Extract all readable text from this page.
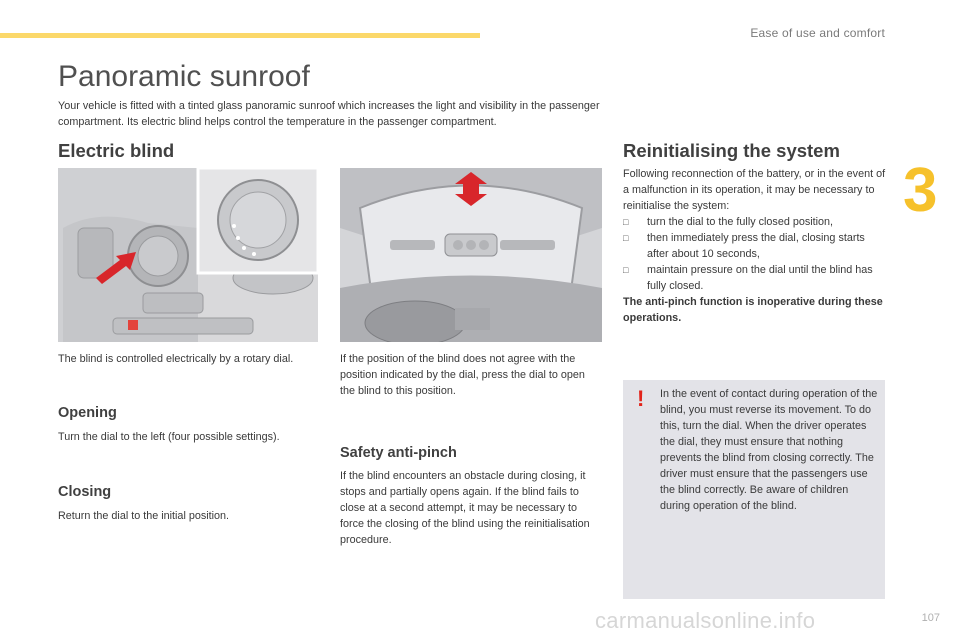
Ease of use and comfort
3
Panoramic sunroof

Your vehicle is fitted with a tinted glass panoramic sunroof which increases the light and visibility in the passenger compartment. Its electric blind helps control the temperature in the passenger compartment.

Electric blind

The blind is controlled electrically by a rotary dial.

Opening

Turn the dial to the left (four possible settings).

Closing

Return the dial to the initial position.

If the position of the blind does not agree with the position indicated by the dial, press the dial to open the blind to this position.

Safety anti-pinch

If the blind encounters an obstacle during closing, it stops and partially opens again. If the blind fails to close at a second attempt, it may be necessary to force the closing of the blind using the reinitialisation procedure.

Reinitialising the system

Following reconnection of the battery, or in the event of a malfunction in its operation, it may be necessary to reinitialise the system:

□ turn the dial to the fully closed position,
□ then immediately press the dial, closing starts after about 10 seconds,
□ maintain pressure on the dial until the blind has fully closed.

The anti-pinch function is inoperative during these operations.

! In the event of contact during operation of the blind, you must reverse its movement. To do this, turn the dial. When the driver operates the dial, they must ensure that nothing prevents the blind from closing correctly. The driver must ensure that the passengers use the blind correctly. Be aware of children during operation of the blind.

carmanualsonline.info	107
